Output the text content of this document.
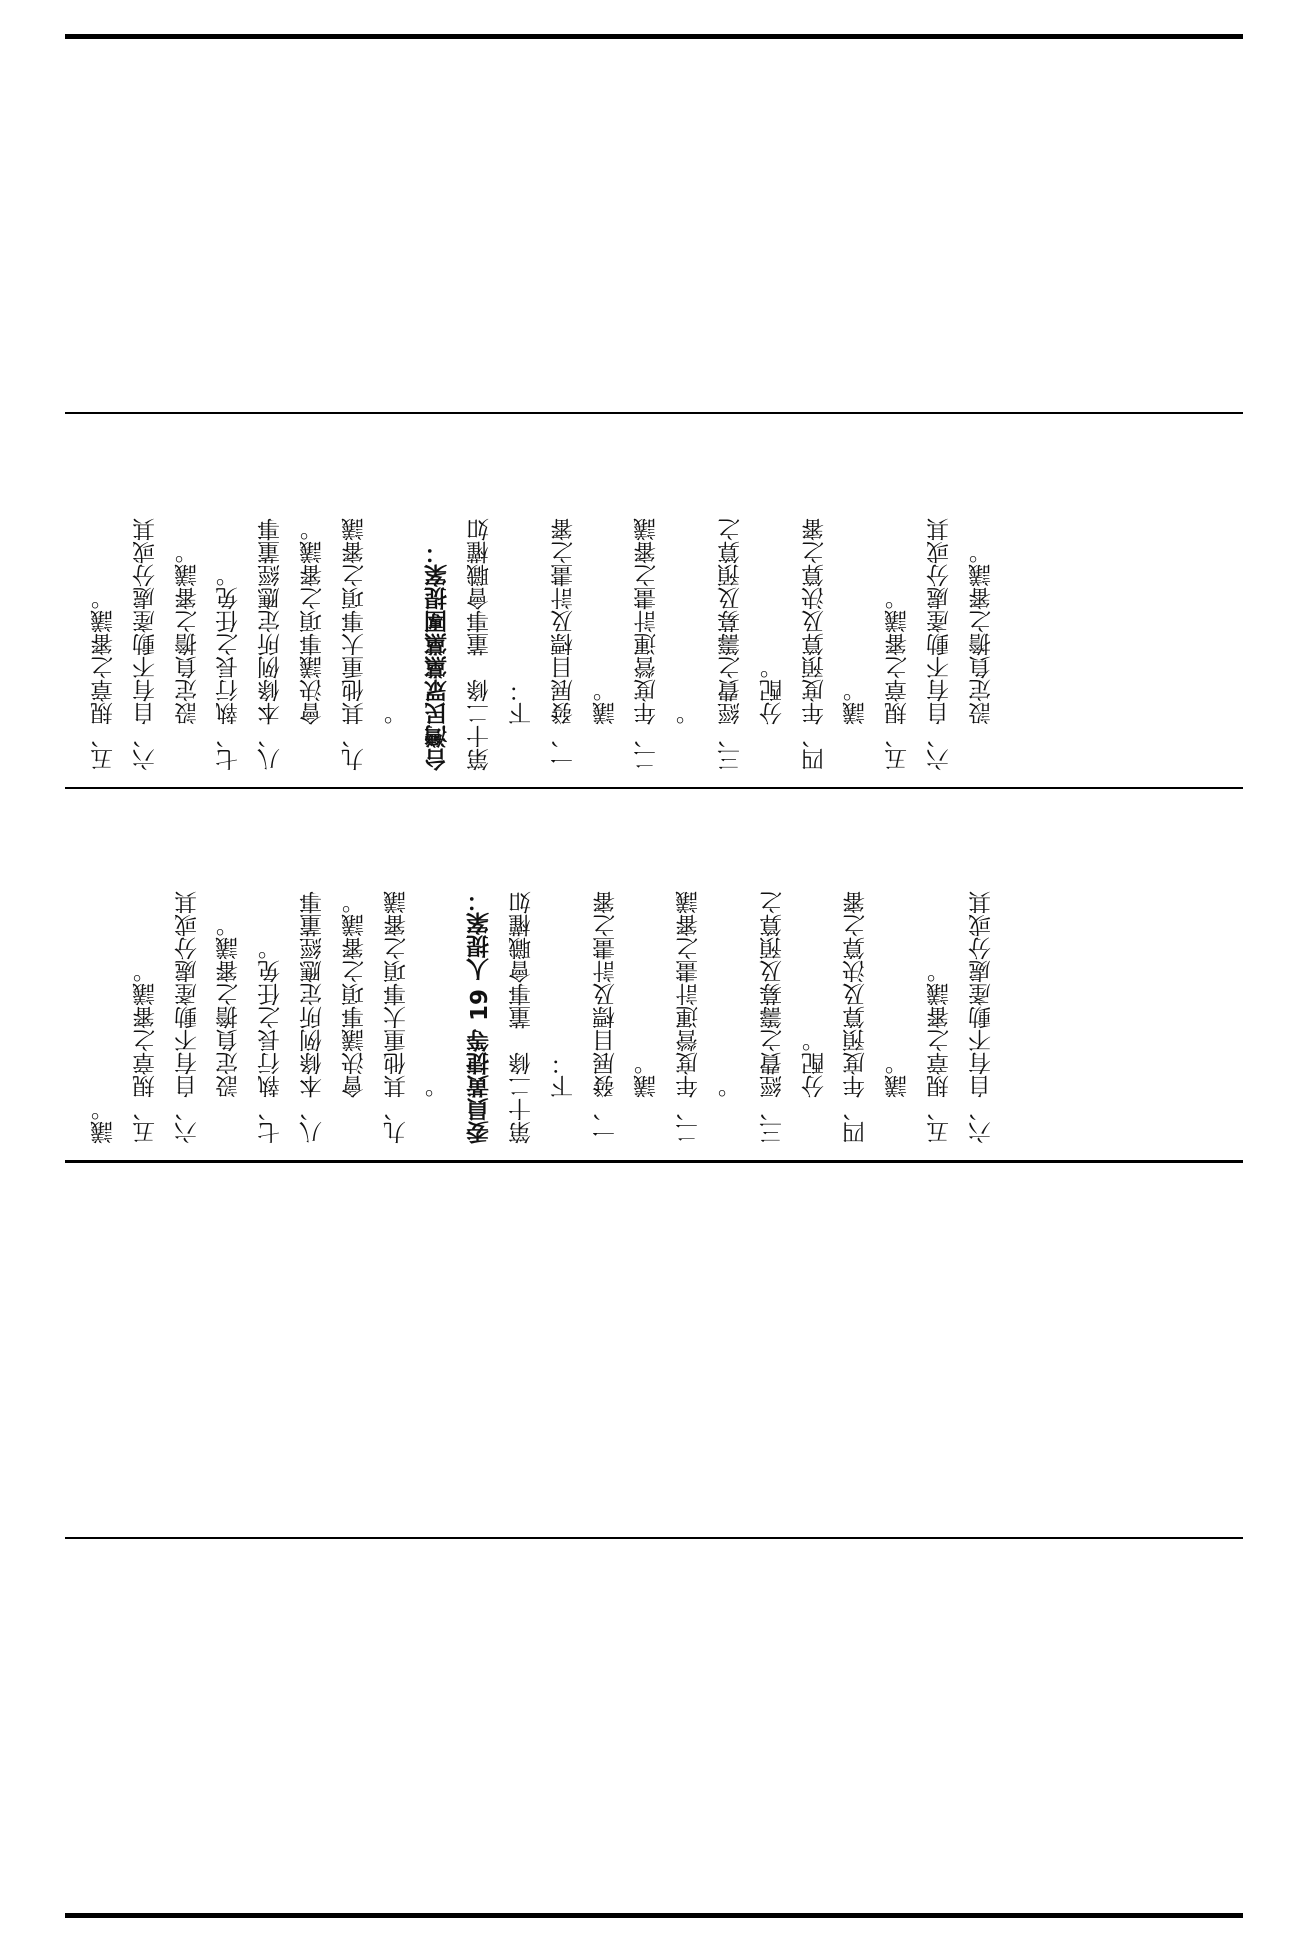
五、規章之審議。 六、自有不動產處分或其 設定負擔之審議。 七、執行長之任免。 八、本條例所定應經董事 會決議事項之審議。 九、其他重大事項之審議 。 台灣民眾黨黨團提案： 第十二條　董事會職權如 下： 一、發展目標及計畫之審 議。 二、年度營運計畫之審議 。 三、經費之籌募及預算之 分配。 四、年度預算及決算之審 議。 五、規章之審議。 六、自有不動產處分或其 設定負擔之審議。
議。 五、規章之審議。 六、自有不動產處分或其 設定負擔之審議。 七、執行長之任免。 八、本條例所定應經董事 會決議事項之審議。 九、其他重大事項之審議 。 委員黃捷等 19 人提案： 第十二條　董事會職權如 下： 一、發展目標及計畫之審 議。 二、年度營運計畫之審議 。 三、經費之籌募及預算之 分配。 四、年度預算及決算之審 議。 五、規章之審議。 六、自有不動產處分或其
